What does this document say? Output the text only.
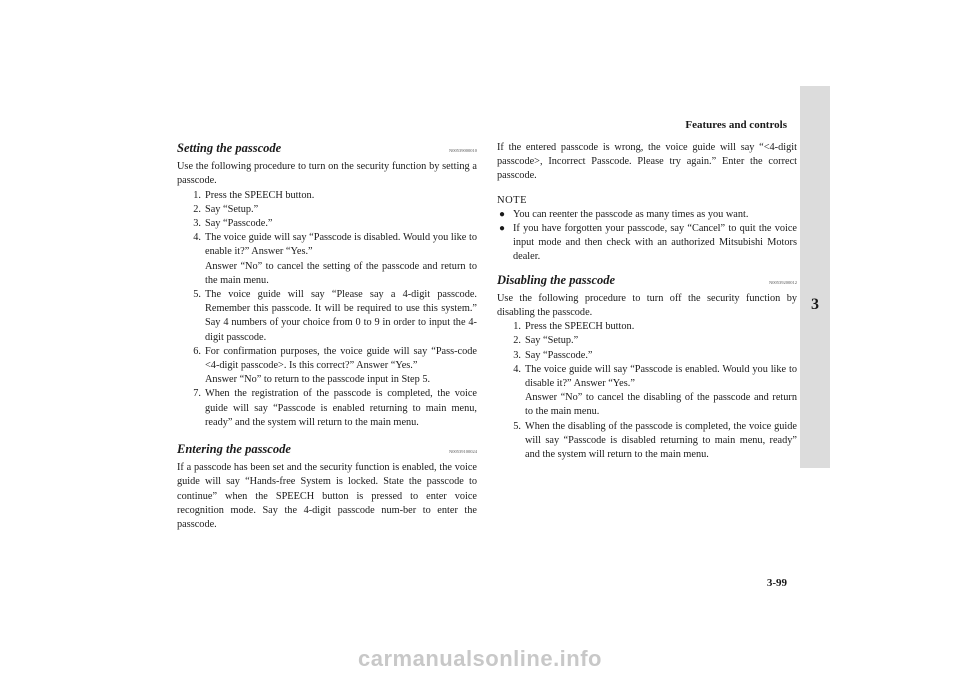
Features and controls
3
Setting the passcode	N00539000010

Use the following procedure to turn on the security function by setting a passcode.

1. Press the SPEECH button.
2. Say “Setup.”
3. Say “Passcode.”
4. The voice guide will say “Passcode is disabled. Would you like to enable it?” Answer “Yes.”
Answer “No” to cancel the setting of the passcode and return to the main menu.
5. The voice guide will say “Please say a 4-digit passcode. Remember this passcode. It will be required to use this system.” Say 4 numbers of your choice from 0 to 9 in order to input the 4-digit passcode.
6. For confirmation purposes, the voice guide will say “Pass-code <4-digit passcode>. Is this correct?” Answer “Yes.”
Answer “No” to return to the passcode input in Step 5.
7. When the registration of the passcode is completed, the voice guide will say “Passcode is enabled returning to main menu, ready” and the system will return to the main menu.
Entering the passcode	N00539100024

If a passcode has been set and the security function is enabled, the voice guide will say “Hands-free System is locked. State the passcode to continue” when the SPEECH button is pressed to enter voice recognition mode. Say the 4-digit passcode num-ber to enter the passcode.

If the entered passcode is wrong, the voice guide will say “<4-digit passcode>, Incorrect Passcode. Please try again.” Enter the correct passcode.

NOTE
● You can reenter the passcode as many times as you want.
● If you have forgotten your passcode, say “Cancel” to quit the voice input mode and then check with an authorized Mitsubishi Motors dealer.
Disabling the passcode	N00539200012

Use the following procedure to turn off the security function by disabling the passcode.

1. Press the SPEECH button.
2. Say “Setup.”
3. Say “Passcode.”
4. The voice guide will say “Passcode is enabled. Would you like to disable it?” Answer “Yes.”
Answer “No” to cancel the disabling of the passcode and return to the main menu.
5. When the disabling of the passcode is completed, the voice guide will say “Passcode is disabled returning to main menu, ready” and the system will return to the main menu.
3-99
carmanualsonline.info
